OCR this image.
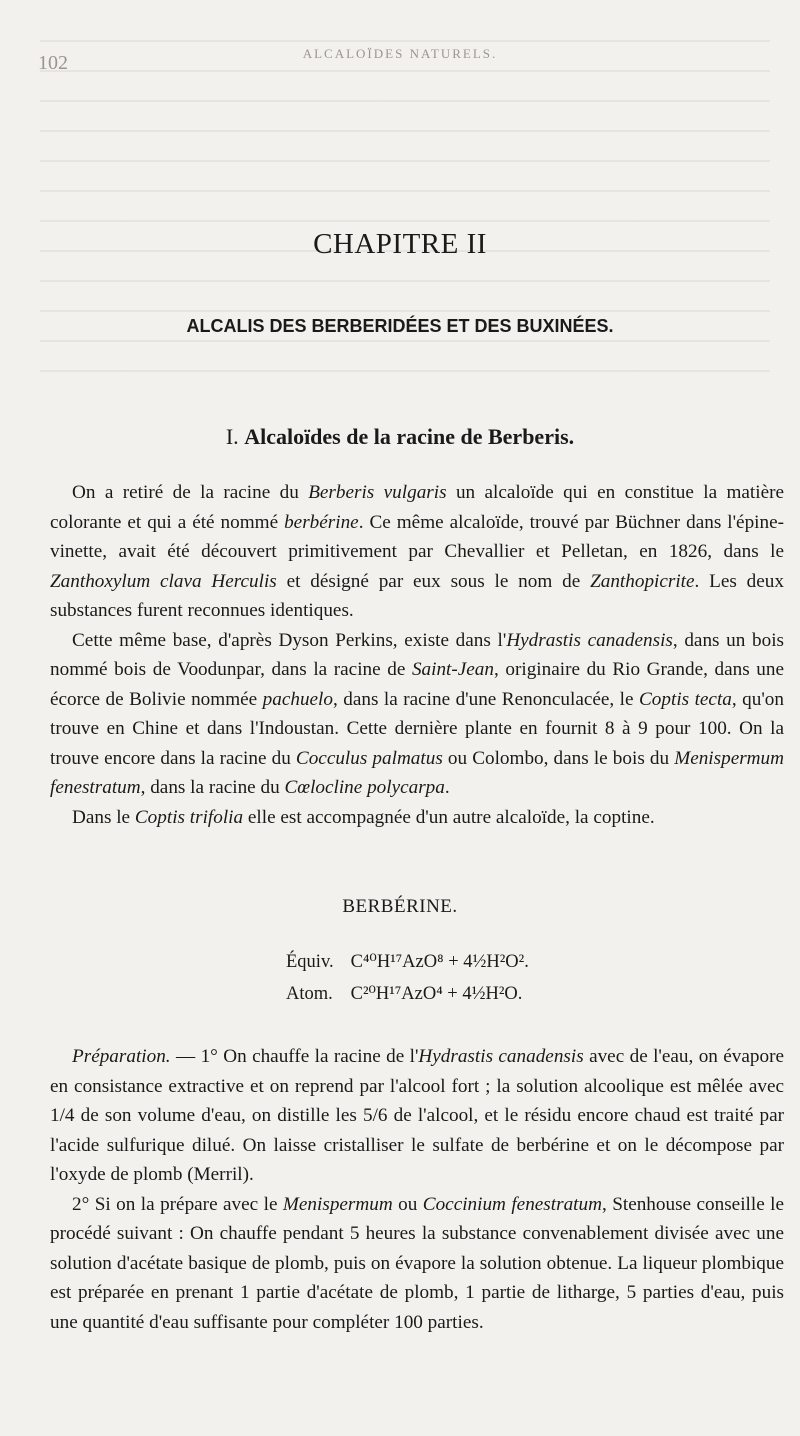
102	ALCALOÏDES NATURELS.
CHAPITRE II
ALCALIS DES BERBERIDÉES ET DES BUXINÉES.
I. Alcaloïdes de la racine de Berberis.

On a retiré de la racine du Berberis vulgaris un alcaloïde qui en constitue la matière colorante et qui a été nommé berbérine. Ce même alcaloïde, trouvé par Büchner dans l'épine-vinette, avait été découvert primitivement par Chevallier et Pelletan, en 1826, dans le Zanthoxylum clava Herculis et désigné par eux sous le nom de Zanthopicrite. Les deux substances furent reconnues identiques.

Cette même base, d'après Dyson Perkins, existe dans l'Hydrastis canadensis, dans un bois nommé bois de Voodunpar, dans la racine de Saint-Jean, originaire du Rio Grande, dans une écorce de Bolivie nommée pachuelo, dans la racine d'une Renonculacée, le Coptis tecta, qu'on trouve en Chine et dans l'Indoustan. Cette dernière plante en fournit 8 à 9 pour 100. On la trouve encore dans la racine du Cocculus palmatus ou Colombo, dans le bois du Menispermum fenestratum, dans la racine du Cœlocline polycarpa.

Dans le Coptis trifolia elle est accompagnée d'un autre alcaloïde, la coptine.

BERBÉRINE.
Équiv. C⁴⁰H¹⁷AzO⁸ + 4½H²O².
Atom. C²⁰H¹⁷AzO⁴ + 4½H²O.

Préparation. — 1° On chauffe la racine de l'Hydrastis canadensis avec de l'eau, on évapore en consistance extractive et on reprend par l'alcool fort ; la solution alcoolique est mêlée avec 1/4 de son volume d'eau, on distille les 5/6 de l'alcool, et le résidu encore chaud est traité par l'acide sulfurique dilué. On laisse cristalliser le sulfate de berbérine et on le décompose par l'oxyde de plomb (Merril).

2° Si on la prépare avec le Menispermum ou Coccinium fenestratum, Stenhouse conseille le procédé suivant : On chauffe pendant 5 heures la substance convenablement divisée avec une solution d'acétate basique de plomb, puis on évapore la solution obtenue. La liqueur plombique est préparée en prenant 1 partie d'acétate de plomb, 1 partie de litharge, 5 parties d'eau, puis une quantité d'eau suffisante pour compléter 100 parties.
